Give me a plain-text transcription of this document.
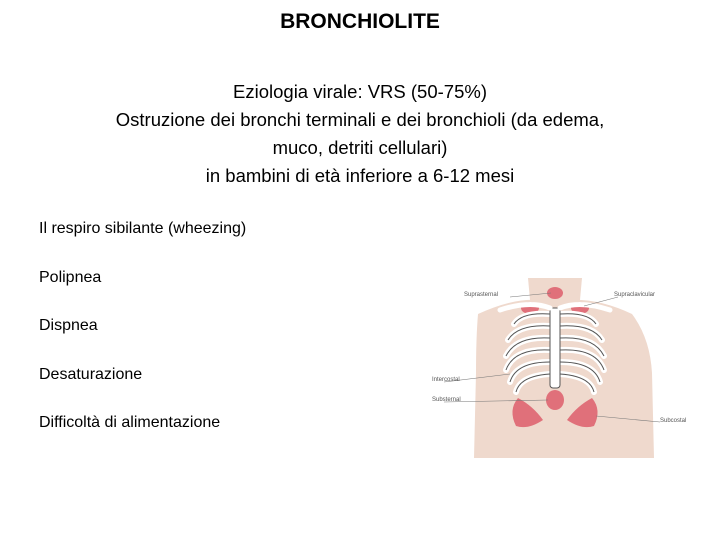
BRONCHIOLITE
Eziologia virale: VRS (50-75%)
Ostruzione dei bronchi terminali e dei bronchioli (da edema,
muco, detriti cellulari)
in bambini di età inferiore a 6-12 mesi
Il respiro sibilante (wheezing)
Polipnea
Dispnea
Desaturazione
Difficoltà di alimentazione
Suprasternal	Supraclavicular
Intercostal
Substernal
Subcostal
